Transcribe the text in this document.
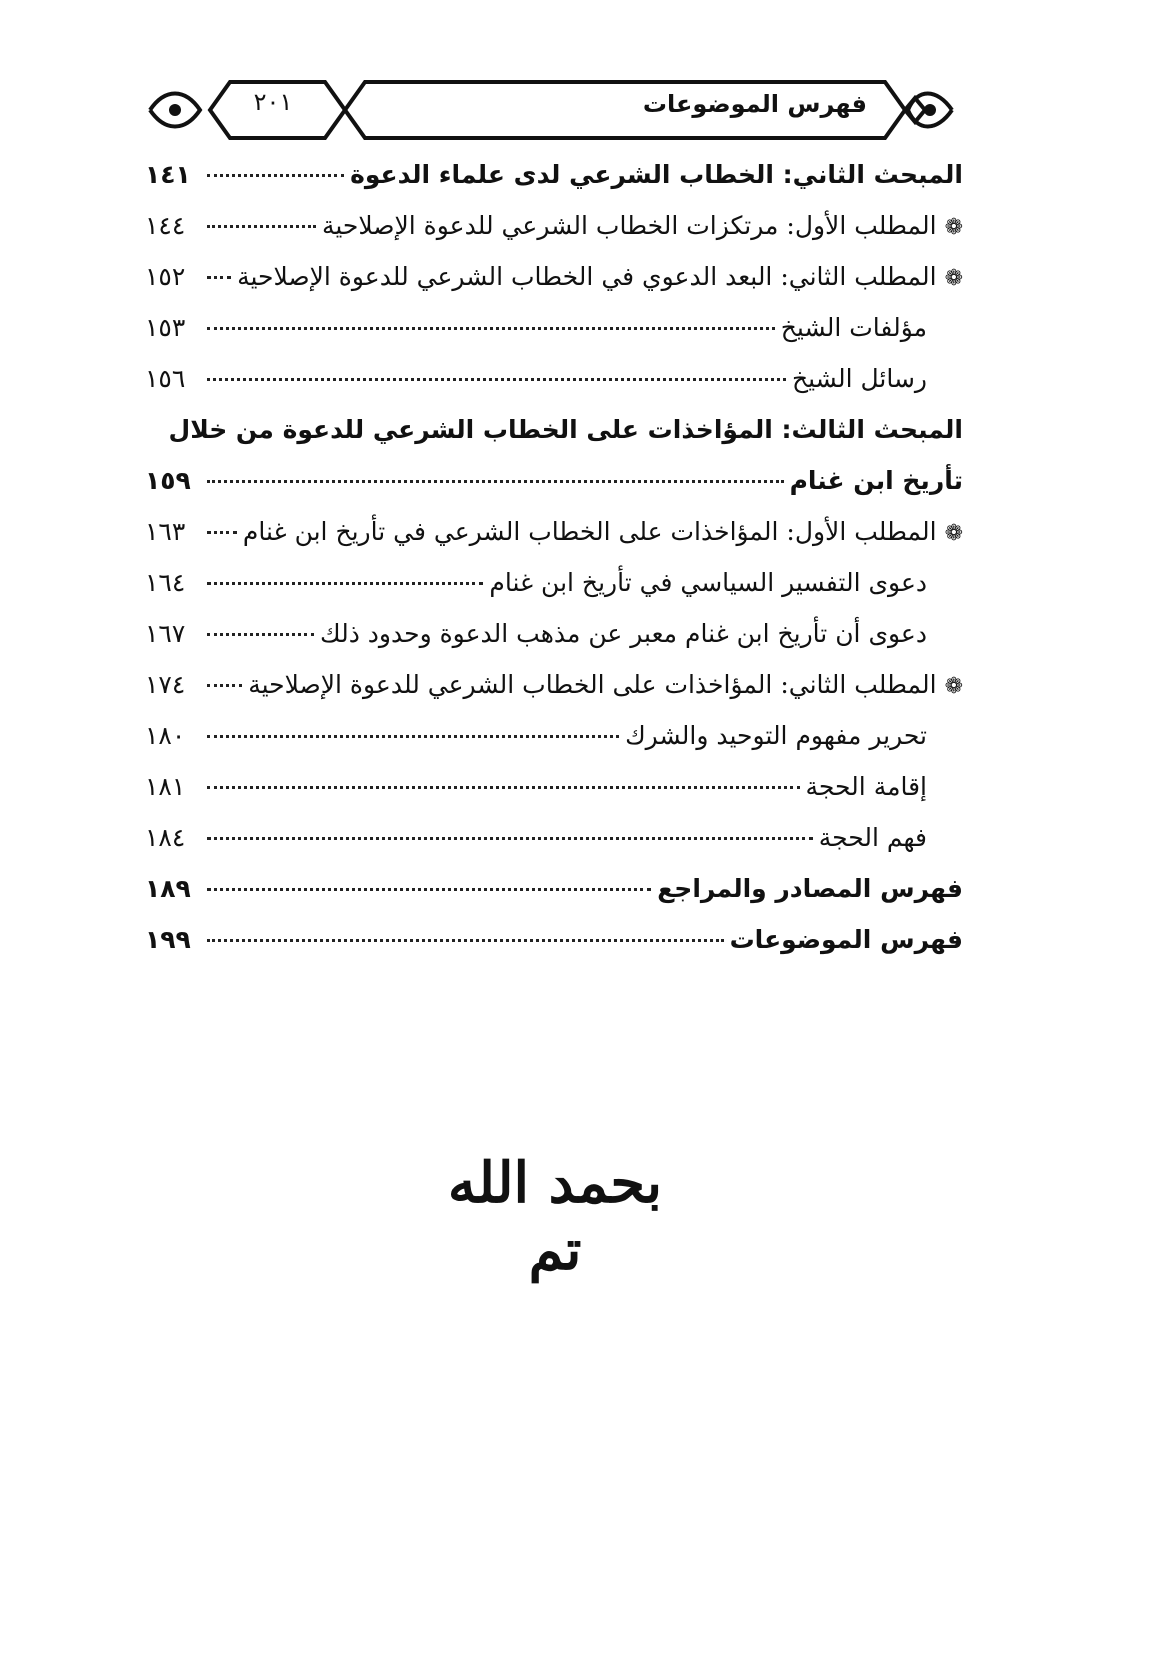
٢٠١	فهرس الموضوعات
المبحث الثاني: الخطاب الشرعي لدى علماء الدعوة
١٤١
❁
المطلب الأول: مرتكزات الخطاب الشرعي للدعوة الإصلاحية
١٤٤
❁
المطلب الثاني: البعد الدعوي في الخطاب الشرعي للدعوة الإصلاحية
١٥٢
مؤلفات الشيخ
١٥٣
رسائل الشيخ
١٥٦
المبحث الثالث: المؤاخذات على الخطاب الشرعي للدعوة من خلال
تأريخ ابن غنام
١٥٩
❁
المطلب الأول: المؤاخذات على الخطاب الشرعي في تأريخ ابن غنام
١٦٣
دعوى التفسير السياسي في تأريخ ابن غنام
١٦٤
دعوى أن تأريخ ابن غنام معبر عن مذهب الدعوة وحدود ذلك
١٦٧
❁
المطلب الثاني: المؤاخذات على الخطاب الشرعي للدعوة الإصلاحية
١٧٤
تحرير مفهوم التوحيد والشرك
١٨٠
إقامة الحجة
١٨١
فهم الحجة
١٨٤
فهرس المصادر والمراجع
١٨٩
فهرس الموضوعات
١٩٩
بحمد الله تم
